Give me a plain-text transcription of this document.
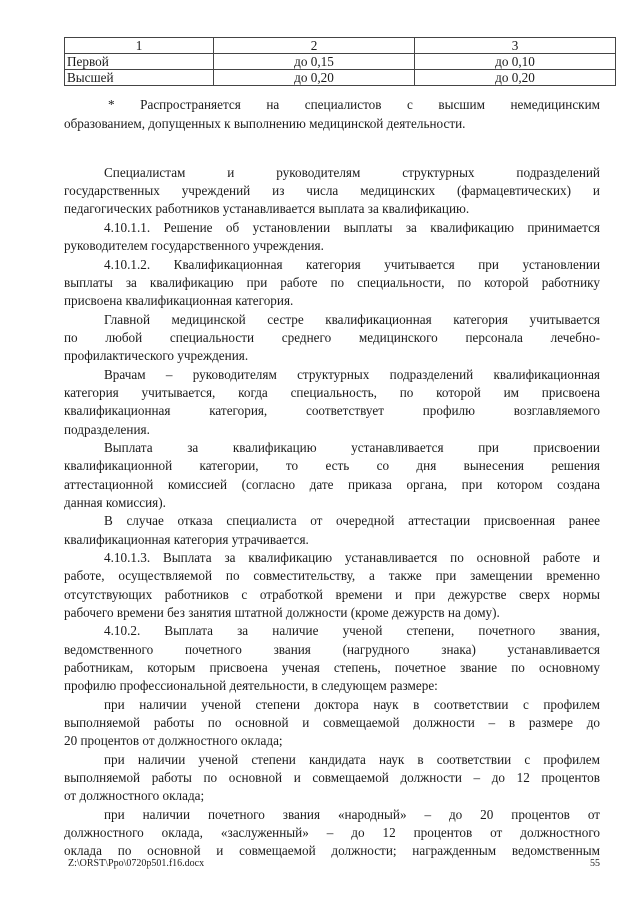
1	2	3
Первой	до 0,15	до 0,10
Высшей	до 0,20	до 0,20
* Распространяется на специалистов с высшим немедицинским
образованием, допущенных к выполнению медицинской деятельности.
Специалистам и руководителям структурных подразделений
государственных учреждений из числа медицинских (фармацевтических) и
педагогических работников устанавливается выплата за квалификацию.
4.10.1.1. Решение об установлении выплаты за квалификацию принимается
руководителем государственного учреждения.
4.10.1.2. Квалификационная категория учитывается при установлении
выплаты за квалификацию при работе по специальности, по которой работнику
присвоена квалификационная категория.
Главной медицинской сестре квалификационная категория учитывается
по любой специальности среднего медицинского персонала лечебно-
профилактического учреждения.
Врачам – руководителям структурных подразделений квалификационная
категория учитывается, когда специальность, по которой им присвоена
квалификационная категория, соответствует профилю возглавляемого
подразделения.
Выплата за квалификацию устанавливается при присвоении
квалификационной категории, то есть со дня вынесения решения
аттестационной комиссией (согласно дате приказа органа, при котором создана
данная комиссия).
В случае отказа специалиста от очередной аттестации присвоенная ранее
квалификационная категория утрачивается.
4.10.1.3. Выплата за квалификацию устанавливается по основной работе и
работе, осуществляемой по совместительству, а также при замещении временно
отсутствующих работников с отработкой времени и при дежурстве сверх нормы
рабочего времени без занятия штатной должности (кроме дежурств на дому).
4.10.2. Выплата за наличие ученой степени, почетного звания,
ведомственного почетного звания (нагрудного знака) устанавливается
работникам, которым присвоена ученая степень, почетное звание по основному
профилю профессиональной деятельности, в следующем размере:
при наличии ученой степени доктора наук в соответствии с профилем
выполняемой работы по основной и совмещаемой должности – в размере до
20 процентов от должностного оклада;
при наличии ученой степени кандидата наук в соответствии с профилем
выполняемой работы по основной и совмещаемой должности – до 12 процентов
от должностного оклада;
при наличии почетного звания «народный» – до 20 процентов от
должностного оклада, «заслуженный» – до 12 процентов от должностного
оклада по основной и совмещаемой должности; награжденным ведомственным
Z:\ORST\Ppo\0720p501.f16.docx	55
